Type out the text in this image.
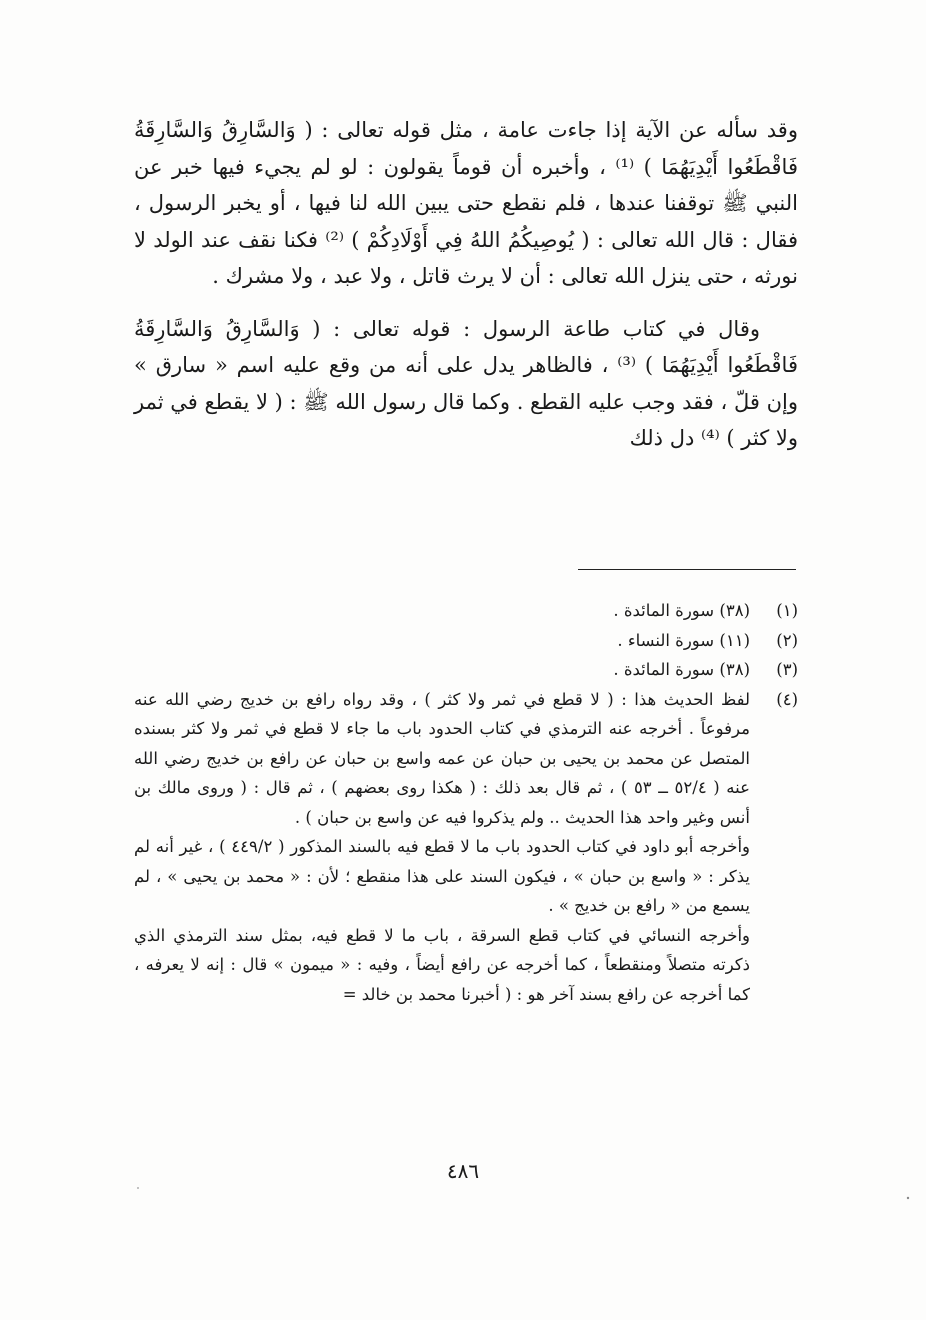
وقد سأله عن الآية إذا جاءت عامة ، مثل قوله تعالى : ( وَالسَّارِقُ وَالسَّارِقَةُ فَاقْطَعُوا أَيْدِيَهُمَا ) ⁽¹⁾ ، وأخبره أن قوماً يقولون : لو لم يجيء فيها خبر عن النبي ﷺ توقفنا عندها ، فلم نقطع حتى يبين الله لنا فيها ، أو يخبر الرسول ، فقال : قال الله تعالى : ( يُوصِيكُمُ اللهُ فِي أَوْلَادِكُمْ ) ⁽²⁾ فكنا نقف عند الولد لا نورثه ، حتى ينزل الله تعالى : أن لا يرث قاتل ، ولا عبد ، ولا مشرك .

وقال في كتاب طاعة الرسول : قوله تعالى : ( وَالسَّارِقُ وَالسَّارِقَةُ فَاقْطَعُوا أَيْدِيَهُمَا ) ⁽³⁾ ، فالظاهر يدل على أنه من وقع عليه اسم « سارق » وإن قلّ ، فقد وجب عليه القطع . وكما قال رسول الله ﷺ : ( لا يقطع في ثمر ولا كثر ) ⁽⁴⁾ دل ذلك

(١)

(٣٨) سورة المائدة .

(٢)

(١١) سورة النساء .

(٣)

(٣٨) سورة المائدة .

(٤)

لفظ الحديث هذا : ( لا قطع في ثمر ولا كثر ) ، وقد رواه رافع بن خديج رضي الله عنه مرفوعاً . أخرجه عنه الترمذي في كتاب الحدود باب ما جاء لا قطع في ثمر ولا كثر بسنده المتصل عن محمد بن يحيى بن حبان عن عمه واسع بن حبان عن رافع بن خديج رضي الله عنه ( ٥٢/٤ ــ ٥٣ ) ، ثم قال بعد ذلك : ( هكذا روى بعضهم ) ، ثم قال : ( وروى مالك بن أنس وغير واحد هذا الحديث .. ولم يذكروا فيه عن واسع بن حبان ) .

وأخرجه أبو داود في كتاب الحدود باب ما لا قطع فيه بالسند المذكور ( ٤٤٩/٢ ) ، غير أنه لم يذكر : « واسع بن حبان » ، فيكون السند على هذا منقطع ؛ لأن : « محمد بن يحيى » ، لم يسمع من « رافع بن خديج » .

وأخرجه النسائي في كتاب قطع السرقة ، باب ما لا قطع فيه، بمثل سند الترمذي الذي ذكرته متصلاً ومنقطعاً ، كما أخرجه عن رافع أيضاً ، وفيه : « ميمون » قال : إنه لا يعرفه ، كما أخرجه عن رافع بسند آخر هو : ( أخبرنا محمد بن خالد =

٤٨٦
